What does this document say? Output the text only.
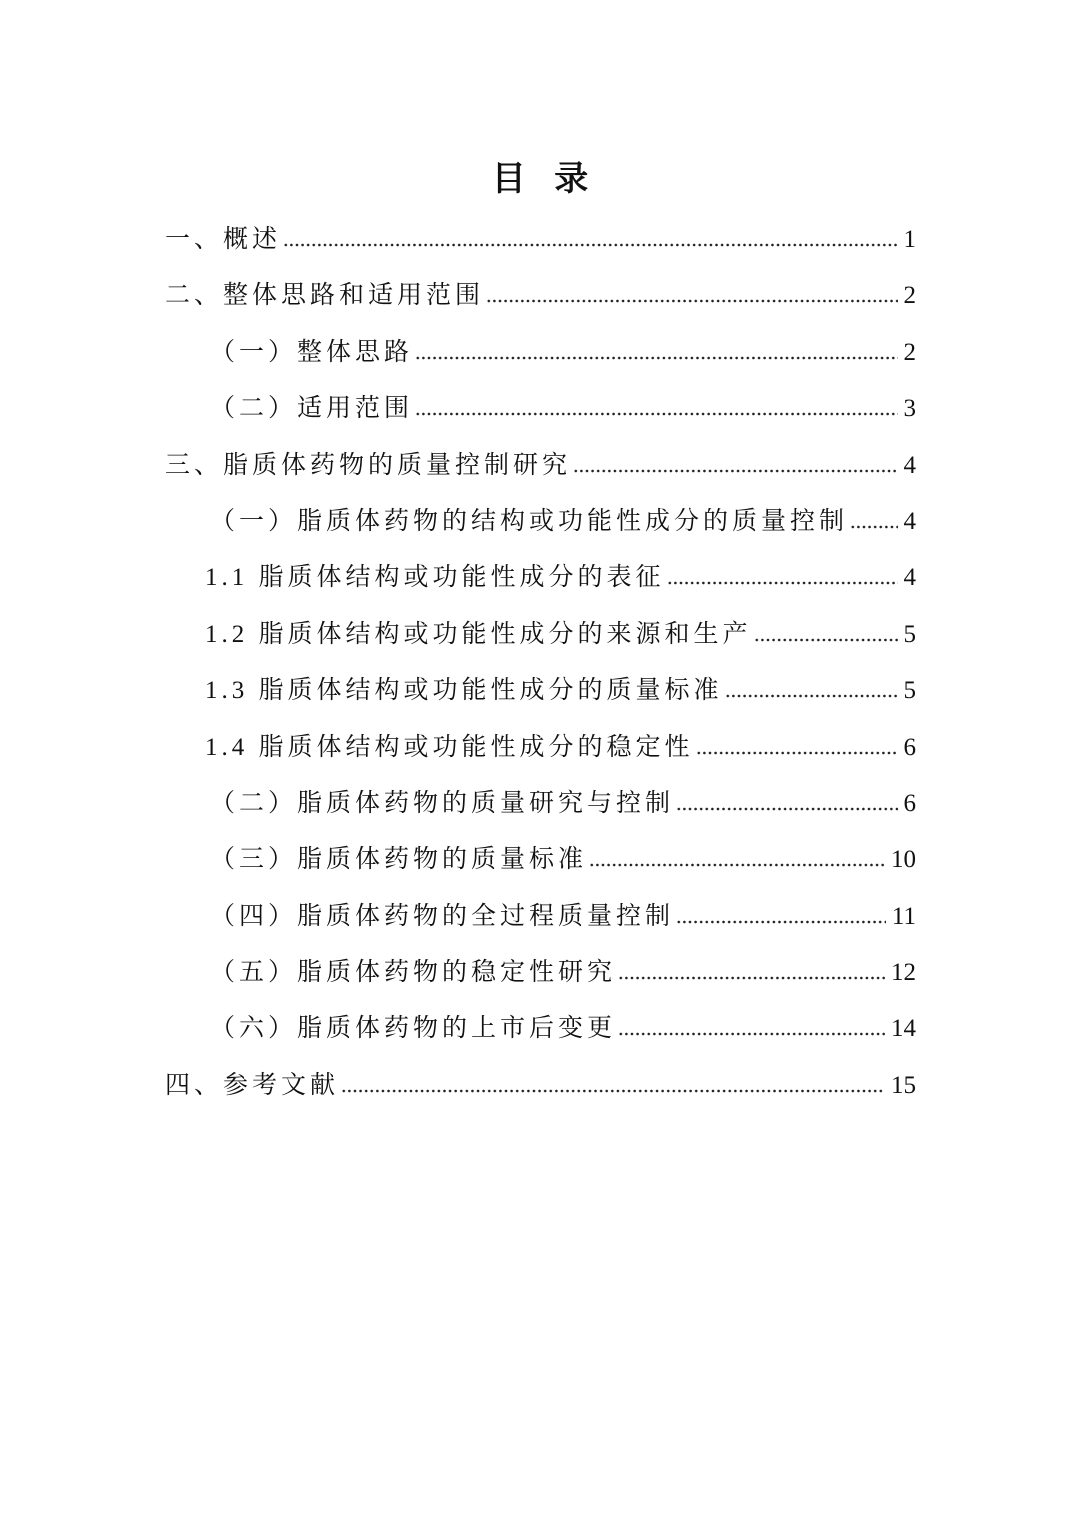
目 录
一、概述	1
二、整体思路和适用范围	2
（一）整体思路	2
（二）适用范围	3
三、脂质体药物的质量控制研究	4
（一）脂质体药物的结构或功能性成分的质量控制 4
1.1 脂质体结构或功能性成分的表征	4
1.2 脂质体结构或功能性成分的来源和生产	5
1.3 脂质体结构或功能性成分的质量标准	5
1.4 脂质体结构或功能性成分的稳定性	6
（二）脂质体药物的质量研究与控制	6
（三）脂质体药物的质量标准	10
（四）脂质体药物的全过程质量控制	11
（五）脂质体药物的稳定性研究	12
（六）脂质体药物的上市后变更	14
四、参考文献	15
